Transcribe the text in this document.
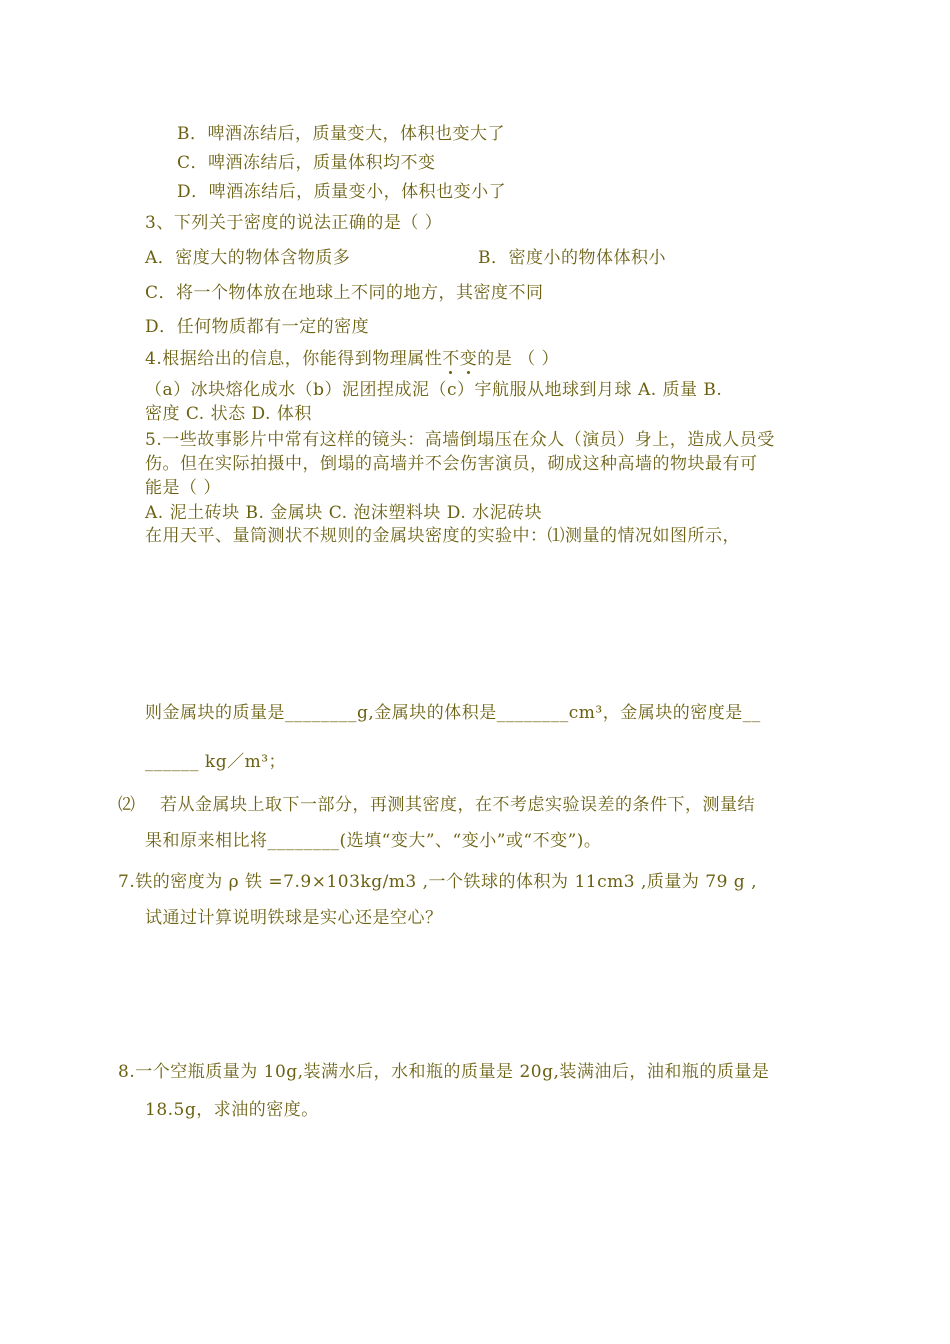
B．啤酒冻结后，质量变大，体积也变大了
C．啤酒冻结后，质量体积均不变
D．啤酒冻结后，质量变小，体积也变小了
3、下列关于密度的说法正确的是（ ）
A．密度大的物体含物质多	B．密度小的物体体积小
C．将一个物体放在地球上不同的地方，其密度不同
D．任何物质都有一定的密度
4.根据给出的信息，你能得到物理属性不变的是 （ ）
（a）冰块熔化成水（b）泥团捏成泥（c）宇航服从地球到月球 A. 质量 B.
密度 C. 状态 D. 体积
5.一些故事影片中常有这样的镜头：高墙倒塌压在众人（演员）身上，造成人员受
伤。但在实际拍摄中，倒塌的高墙并不会伤害演员，砌成这种高墙的物块最有可
能是（ ）
A. 泥土砖块 B. 金属块 C. 泡沫塑料块 D. 水泥砖块
在用天平、量筒测状不规则的金属块密度的实验中：⑴测量的情况如图所示，
则金属块的质量是________g,金属块的体积是________cm³，金属块的密度是__
______ kg／m³；
⑵ 若从金属块上取下一部分，再测其密度，在不考虑实验误差的条件下，测量结
果和原来相比将________(选填“变大”、“变小”或“不变”)。
7.铁的密度为 ρ 铁 =7.9×103kg/m3 ,一个铁球的体积为 11cm3 ,质量为 79 g ,
试通过计算说明铁球是实心还是空心？
8.一个空瓶质量为 10g,装满水后，水和瓶的质量是 20g,装满油后，油和瓶的质量是
18.5g，求油的密度。
